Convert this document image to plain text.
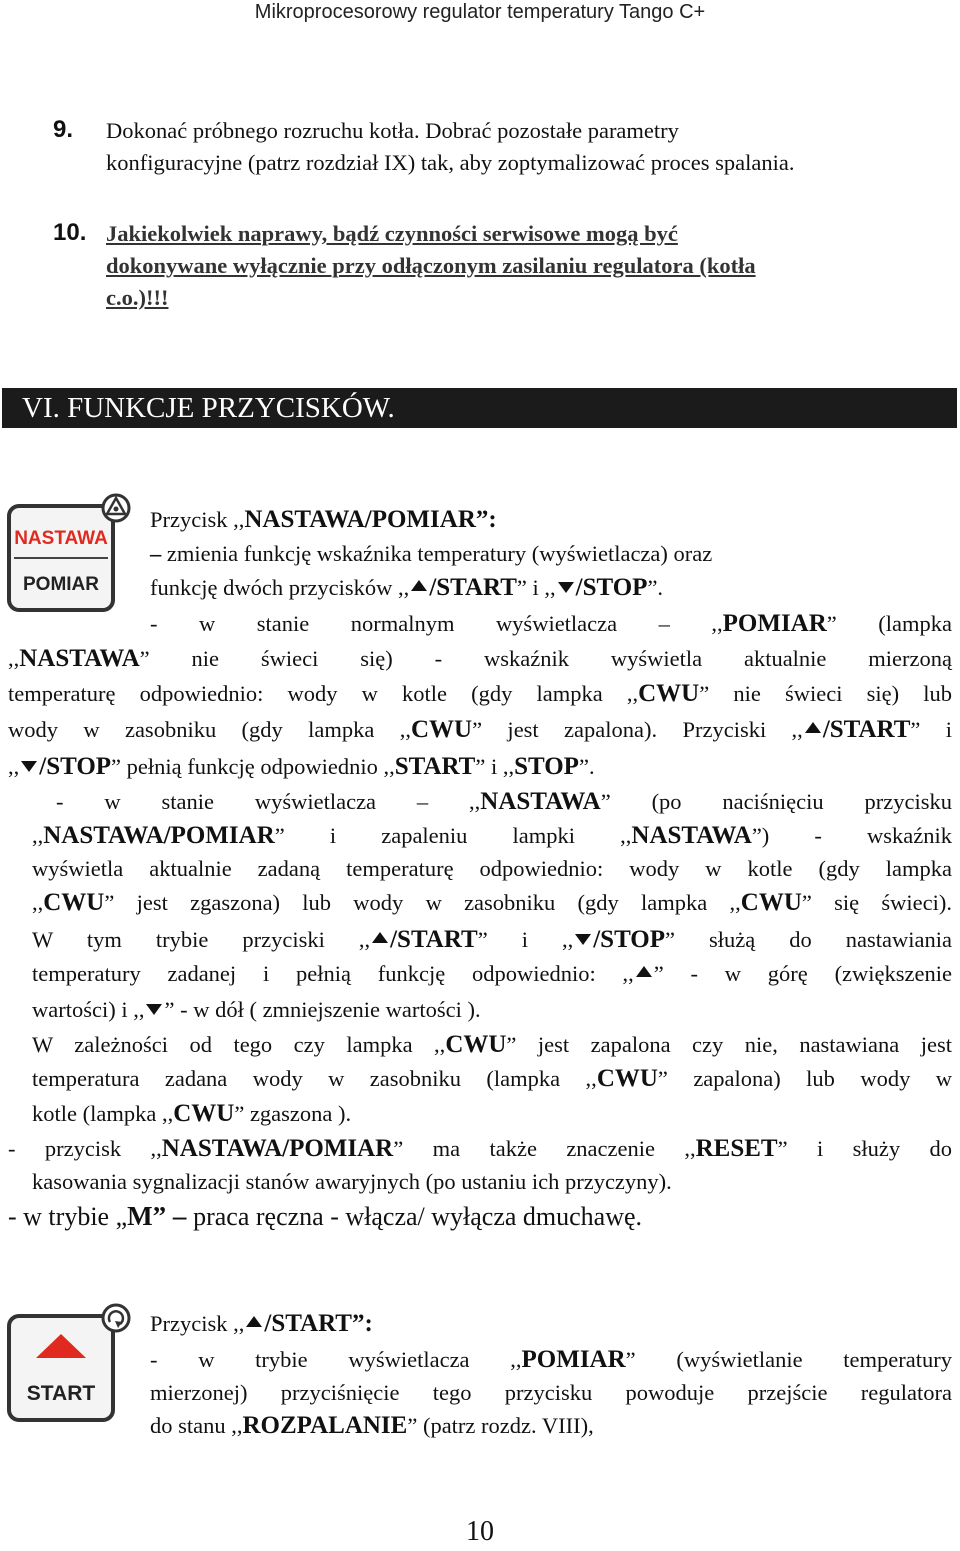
Mikroprocesorowy regulator temperatury Tango C+
9. Dokonać próbnego rozruchu kotła. Dobrać pozostałe parametry
konfiguracyjne (patrz rozdział IX) tak, aby zoptymalizować proces spalania.
10. Jakiekolwiek naprawy, bądź czynności serwisowe mogą być
dokonywane wyłącznie przy odłączonym zasilaniu regulatora (kotła
c.o.)!!!
VI. FUNKCJE PRZYCISKÓW.
NASTAWA
POMIAR
Przycisk ,,NASTAWA/POMIAR”:
– zmienia funkcję wskaźnika temperatury (wyświetlacza) oraz
funkcję dwóch przycisków ,, /START” i ,, /STOP”.
- w stanie normalnym wyświetlacza – ,,POMIAR” (lampka
,,NASTAWA” nie świeci się) - wskaźnik wyświetla aktualnie mierzoną
temperaturę odpowiednio: wody w kotle (gdy lampka ,,CWU” nie świeci się) lub
wody w zasobniku (gdy lampka ,,CWU” jest zapalona). Przyciski ,, /START” i
,, /STOP” pełnią funkcję odpowiednio ,,START” i ,,STOP”.
- w stanie wyświetlacza – ,,NASTAWA” (po naciśnięciu przycisku
,,NASTAWA/POMIAR” i zapaleniu lampki ,,NASTAWA”) - wskaźnik
wyświetla aktualnie zadaną temperaturę odpowiednio: wody w kotle (gdy lampka
,,CWU” jest zgaszona) lub wody w zasobniku (gdy lampka ,,CWU” się świeci).
W tym trybie przyciski ,, /START” i ,, /STOP” służą do nastawiania
temperatury zadanej i pełnią funkcję odpowiednio: ,, ” - w górę (zwiększenie
wartości) i ,, ” - w dół ( zmniejszenie wartości ).
W zależności od tego czy lampka ,,CWU” jest zapalona czy nie, nastawiana jest
temperatura zadana wody w zasobniku (lampka ,,CWU” zapalona) lub wody w
kotle (lampka ,,CWU” zgaszona ).
- przycisk ,,NASTAWA/POMIAR” ma także znaczenie ,,RESET” i służy do
kasowania sygnalizacji stanów awaryjnych (po ustaniu ich przyczyny).
- w trybie „M” – praca ręczna - włącza/ wyłącza dmuchawę.
START
Przycisk ,, /START”:
- w trybie wyświetlacza ,,POMIAR” (wyświetlanie temperatury
mierzonej) przyciśnięcie tego przycisku powoduje przejście regulatora
do stanu ,,ROZPALANIE” (patrz rozdz. VIII),
10
